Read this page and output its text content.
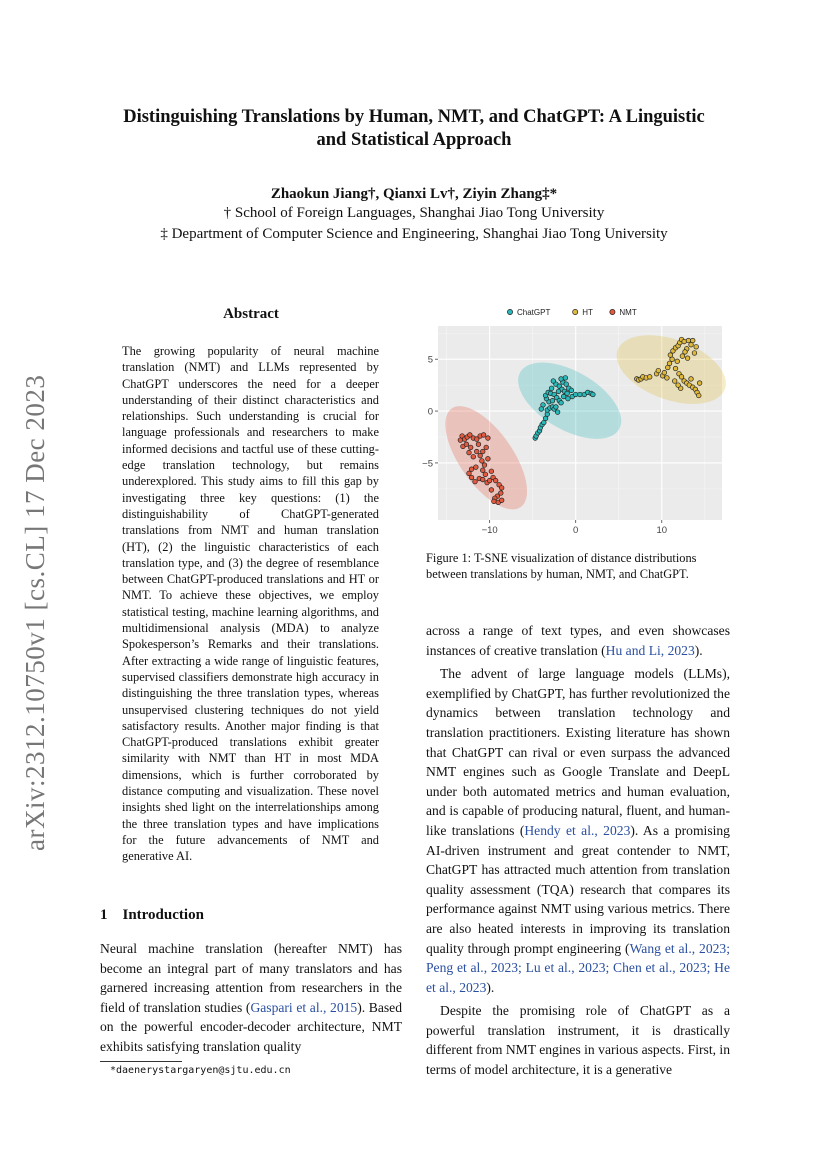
arXiv:2312.10750v1 [cs.CL] 17 Dec 2023
Distinguishing Translations by Human, NMT, and ChatGPT: A Linguistic
and Statistical Approach
Zhaokun Jiang†, Qianxi Lv†, Ziyin Zhang‡*
† School of Foreign Languages, Shanghai Jiao Tong University
‡ Department of Computer Science and Engineering, Shanghai Jiao Tong University
Abstract

The growing popularity of neural machine translation (NMT) and LLMs represented by ChatGPT underscores the need for a deeper understanding of their distinct characteristics and relationships. Such understanding is crucial for language professionals and researchers to make informed decisions and tactful use of these cutting-edge translation technology, but remains underexplored. This study aims to fill this gap by investigating three key questions: (1) the distinguishability of ChatGPT-generated translations from NMT and human translation (HT), (2) the linguistic characteristics of each translation type, and (3) the degree of resemblance between ChatGPT-produced translations and HT or NMT. To achieve these objectives, we employ statistical testing, machine learning algorithms, and multidimensional analysis (MDA) to analyze Spokesperson’s Remarks and their translations. After extracting a wide range of linguistic features, supervised classifiers demonstrate high accuracy in distinguishing the three translation types, whereas unsupervised clustering techniques do not yield satisfactory results. Another major finding is that ChatGPT-produced translations exhibit greater similarity with NMT than HT in most MDA dimensions, which is further corroborated by distance computing and visualization. These novel insights shed light on the interrelationships among the three translation types and have implications for the future advancements of NMT and generative AI.

1    Introduction

Neural machine translation (hereafter NMT) has become an integral part of many translators and has garnered increasing attention from researchers in the field of translation studies (Gaspari et al., 2015). Based on the powerful encoder-decoder architecture, NMT exhibits satisfying translation quality

*daenerystargaryen@sjtu.edu.cn
−10	0	10
5
0
−5
ChatGPT	HT	NMT
Figure 1: T-SNE visualization of distance distributions between translations by human, NMT, and ChatGPT.

across a range of text types, and even showcases instances of creative translation (Hu and Li, 2023).

The advent of large language models (LLMs), exemplified by ChatGPT, has further revolutionized the dynamics between translation technology and translation practitioners. Existing literature has shown that ChatGPT can rival or even surpass the advanced NMT engines such as Google Translate and DeepL under both automated metrics and human evaluation, and is capable of producing natural, fluent, and human-like translations (Hendy et al., 2023). As a promising AI-driven instrument and great contender to NMT, ChatGPT has attracted much attention from translation quality assessment (TQA) research that compares its performance against NMT using various metrics. There are also heated interests in improving its translation quality through prompt engineering (Wang et al., 2023; Peng et al., 2023; Lu et al., 2023; Chen et al., 2023; He et al., 2023).

Despite the promising role of ChatGPT as a powerful translation instrument, it is drastically different from NMT engines in various aspects. First, in terms of model architecture, it is a generative
